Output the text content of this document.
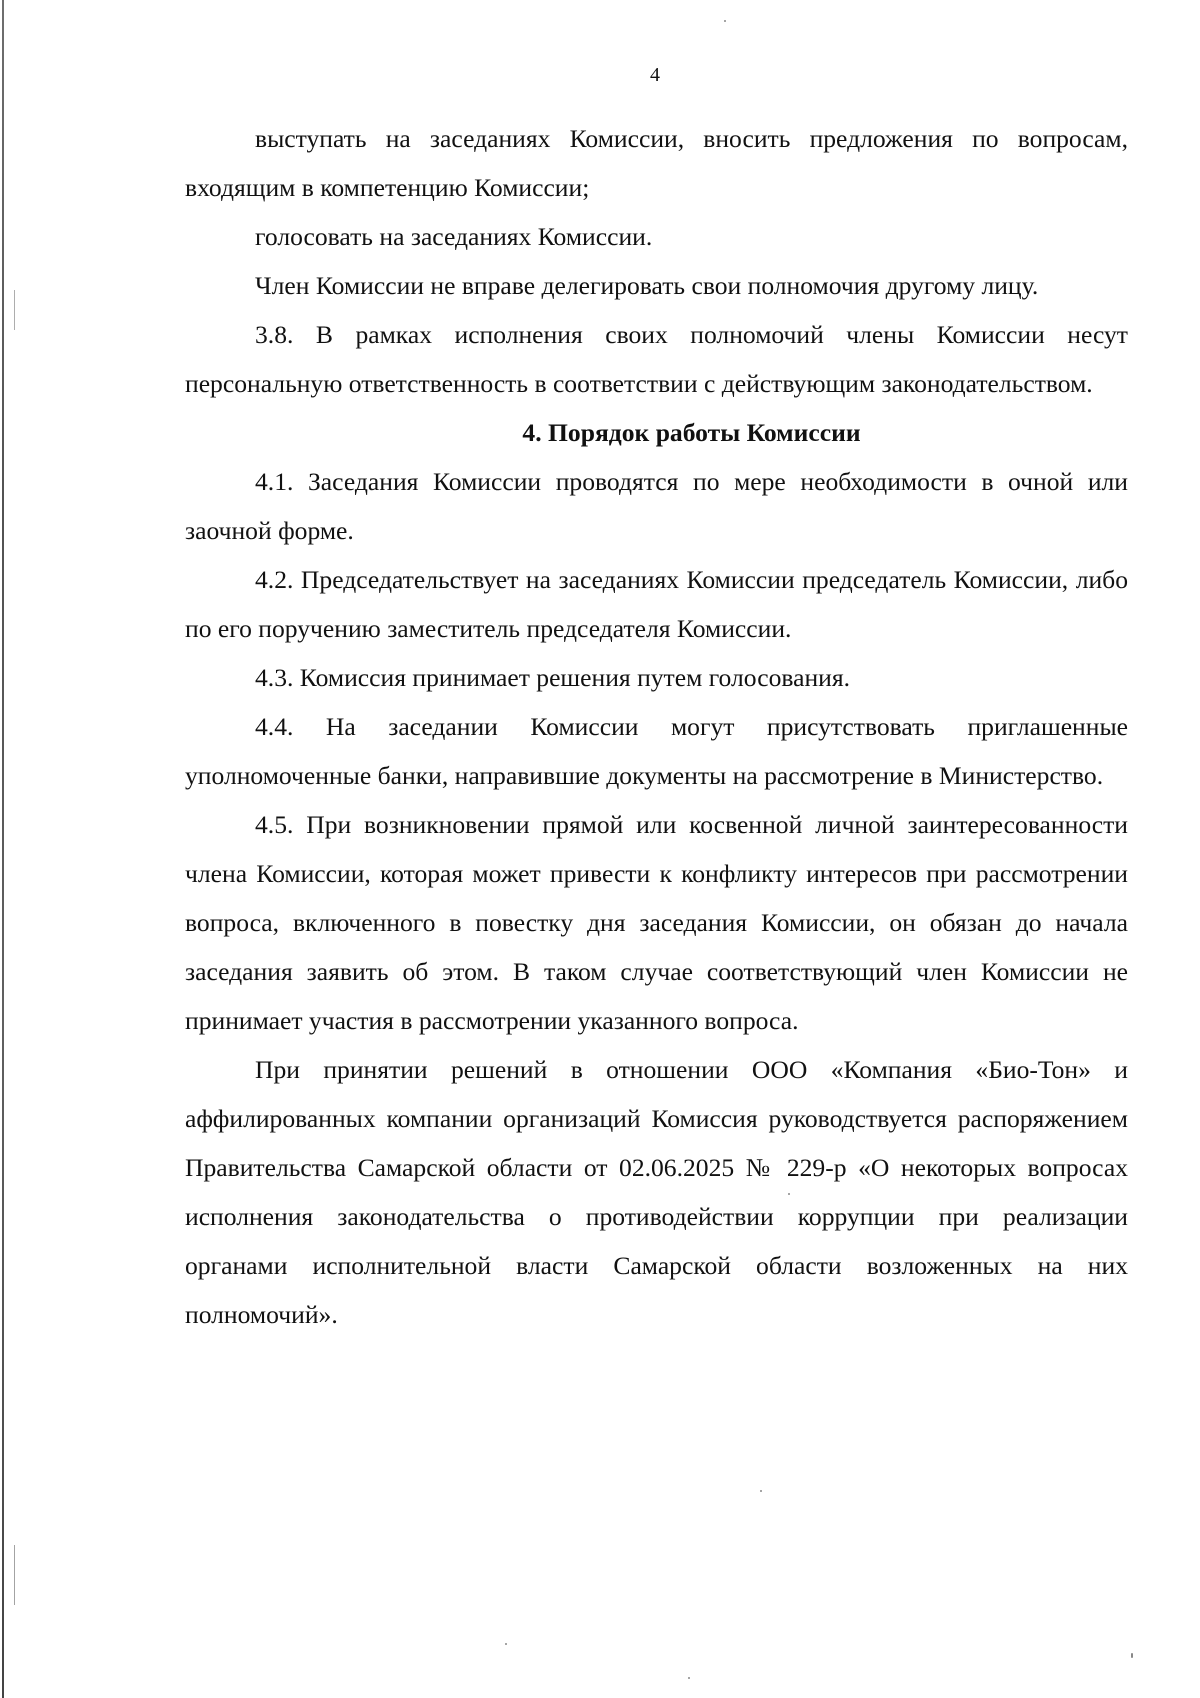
4

выступать на заседаниях Комиссии, вносить предложения по вопросам, входящим в компетенцию Комиссии;

голосовать на заседаниях Комиссии.

Член Комиссии не вправе делегировать свои полномочия другому лицу.

3.8. В рамках исполнения своих полномочий члены Комиссии несут персональную ответственность в соответствии с действующим законодательством.

4. Порядок работы Комиссии

4.1. Заседания Комиссии проводятся по мере необходимости в очной или заочной форме.

4.2. Председательствует на заседаниях Комиссии председатель Комиссии, либо по его поручению заместитель председателя Комиссии.

4.3. Комиссия принимает решения путем голосования.

4.4. На заседании Комиссии могут присутствовать приглашенные уполномоченные банки, направившие документы на рассмотрение в Министерство.

4.5. При возникновении прямой или косвенной личной заинтересованности члена Комиссии, которая может привести к конфликту интересов при рассмотрении вопроса, включенного в повестку дня заседания Комиссии, он обязан до начала заседания заявить об этом. В таком случае соответствующий член Комиссии не принимает участия в рассмотрении указанного вопроса.

При принятии решений в отношении ООО «Компания «Био-Тон» и аффилированных компании организаций Комиссия руководствуется распоряжением Правительства Самарской области от 02.06.2025 № 229-р «О некоторых вопросах исполнения законодательства о противодействии коррупции при реализации органами исполнительной власти Самарской области возложенных на них полномочий».
